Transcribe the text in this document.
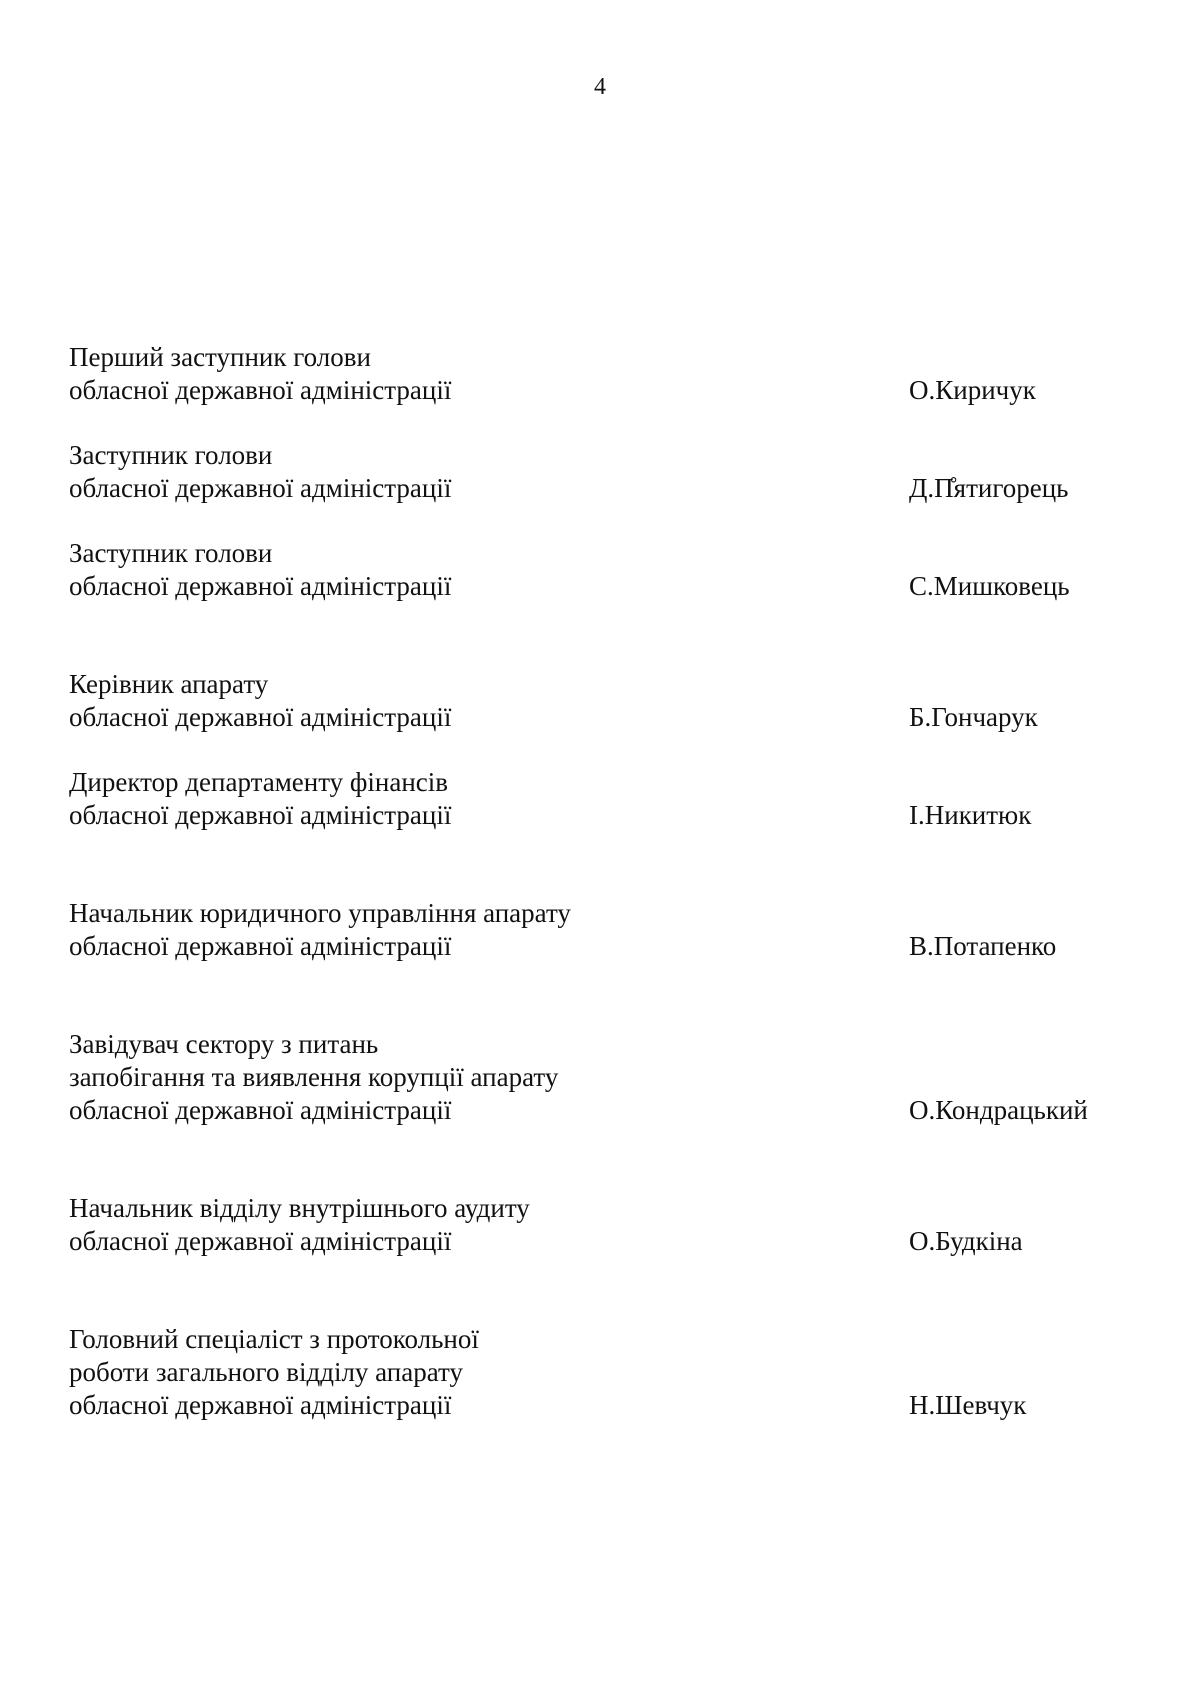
4
Перший заступник голови
обласної державної адміністрації	О.Киричук
Заступник голови
обласної державної адміністрації	Д.П̊ятигорець
Заступник голови
обласної державної адміністрації	С.Мишковець
Керівник апарату
обласної державної адміністрації	Б.Гончарук
Директор департаменту фінансів
обласної державної адміністрації	І.Никитюк
Начальник юридичного управління апарату
обласної державної адміністрації	В.Потапенко
Завідувач сектору з питань
запобігання та виявлення корупції апарату
обласної державної адміністрації	О.Кондрацький
Начальник відділу внутрішнього аудиту
обласної державної адміністрації	О.Будкіна
Головний спеціаліст з протокольної
роботи загального відділу апарату
обласної державної адміністрації	Н.Шевчук
